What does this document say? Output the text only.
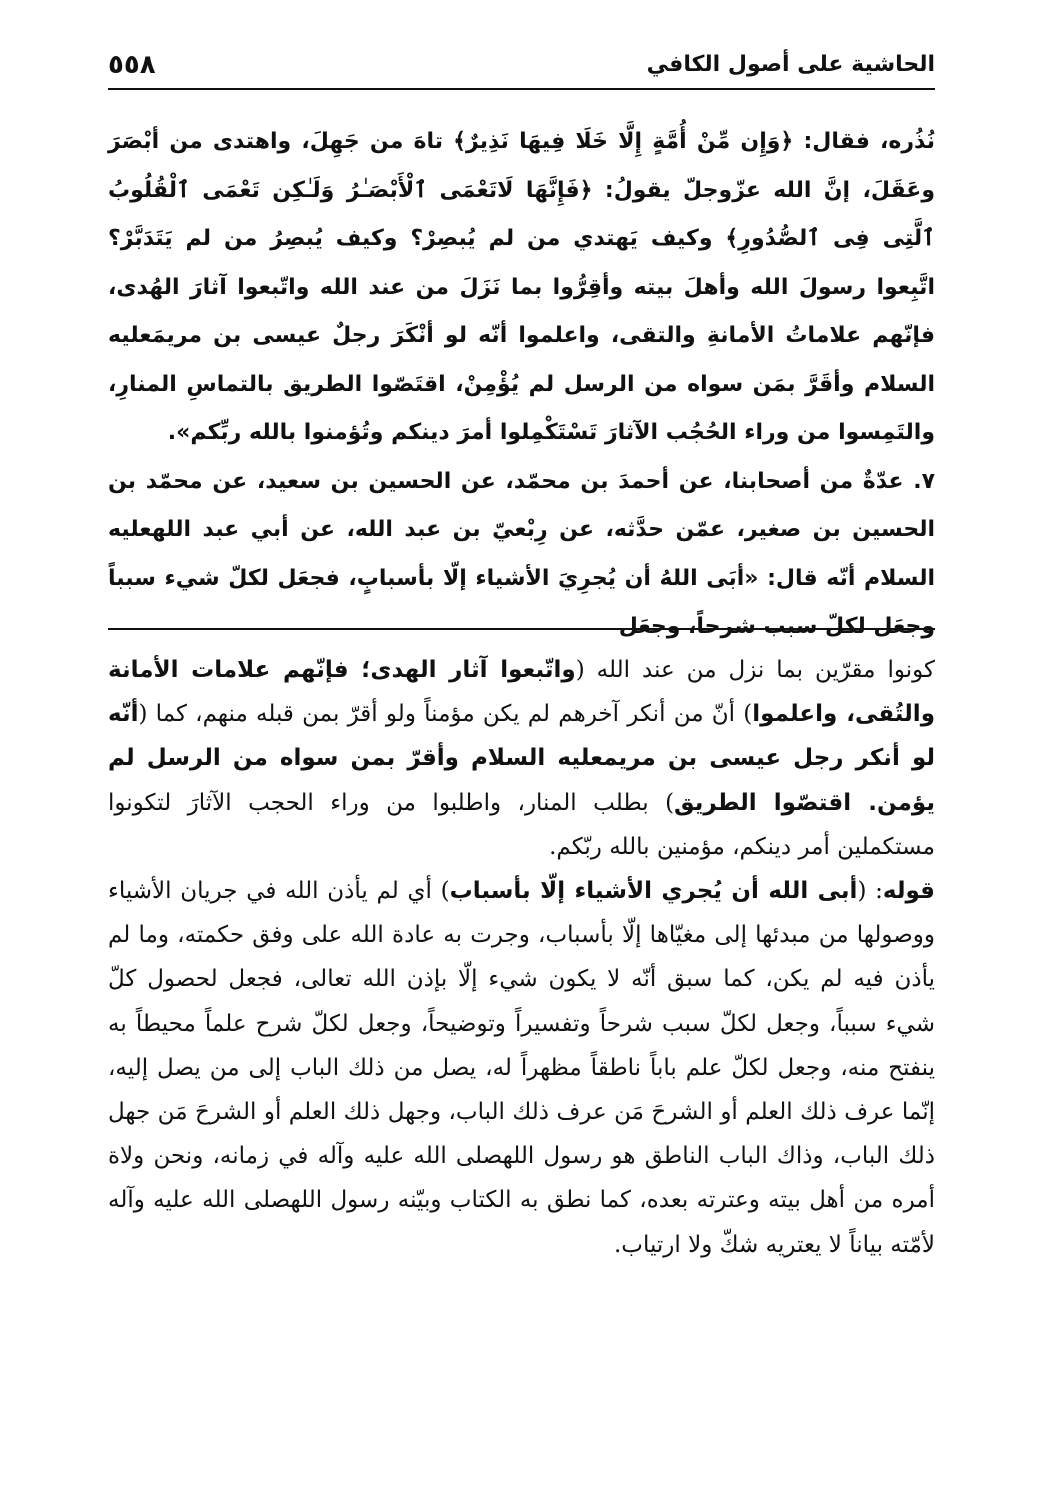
الحاشية على أصول الكافي
٥٥٨

نُذُره، فقال: ﴿وَإِن مِّنْ أُمَّةٍ إِلَّا خَلَا فِيهَا نَذِيرٌ﴾ تاهَ من جَهِلَ، واهتدى من أبْصَرَ وعَقَلَ، إنَّ الله عزّوجلّ يقولُ: ﴿فَإِنَّهَا لَاتَعْمَى ٱلْأَبْصَـٰرُ وَلَـٰكِن تَعْمَى ٱلْقُلُوبُ ٱلَّتِى فِى ٱلصُّدُورِ﴾ وكيف يَهتدي من لم يُبصِرْ؟ وكيف يُبصِرُ من لم يَتَدَبَّرْ؟ اتَّبِعوا رسولَ الله وأهلَ بيته وأقِرُّوا بما نَزَلَ من عند الله واتّبعوا آثارَ الهُدى، فإنّهم علاماتُ الأمانةِ والتقى، واعلموا أنّه لو أنْكَرَ رجلٌ عيسى بن مريمَ‏عليه السلام وأقَرَّ بمَن سواه من الرسل لم يُؤْمِنْ، اقتَصّوا الطريق بالتماسِ المنارِ، والتَمِسوا من وراء الحُجُب الآثارَ تَسْتَكْمِلوا أمرَ دينكم وتُؤمنوا بالله ربِّكم».

٧. عدّةٌ من أصحابنا، عن أحمدَ بن محمّد، عن الحسين بن سعيد، عن محمّد بن الحسين بن صغير، عمّن حدَّثه، عن رِبْعيّ بن عبد الله، عن أبي عبد الله‏عليه السلام أنّه قال: «أبَى اللهُ أن يُجرِيَ الأشياء إلّا بأسبابٍ، فجعَل لكلّ شيء سبباً وجعَل لكلّ سبب شرحاً، وجعَل

كونوا مقرّين بما نزل من عند الله (واتّبعوا آثار الهدى؛ فإنّهم علامات الأمانة والتُقى، واعلموا) أنّ من أنكر آخرهم لم يكن مؤمناً ولو أقرّ بمن قبله منهم، كما (أنّه لو أنكر رجل عيسى بن مريم‏عليه السلام وأقرّ بمن سواه من الرسل لم يؤمن. اقتصّوا الطريق) بطلب المنار، واطلبوا من وراء الحجب الآثارَ لتكونوا مستكملين أمر دينكم، مؤمنين بالله ربّكم.

قوله: (أبى الله أن يُجري الأشياء إلّا بأسباب) أي لم يأذن الله في جريان الأشياء ووصولها من مبدئها إلى مغيّاها إلّا بأسباب، وجرت به عادة الله على وفق حكمته، وما لم يأذن فيه لم يكن، كما سبق أنّه لا يكون شيء إلّا بإذن الله تعالى، فجعل لحصول كلّ شيء سبباً، وجعل لكلّ سبب شرحاً وتفسيراً وتوضيحاً، وجعل لكلّ شرح علماً محيطاً به ينفتح منه، وجعل لكلّ علم باباً ناطقاً مظهراً له، يصل من ذلك الباب إلى من يصل إليه، إنّما عرف ذلك العلم أو الشرحَ مَن عرف ذلك الباب، وجهل ذلك العلم أو الشرحَ مَن جهل ذلك الباب، وذاك الباب الناطق هو رسول الله‏صلى الله عليه وآله في زمانه، ونحن ولاة أمره من أهل بيته وعترته بعده، كما نطق به الكتاب وبيّنه رسول الله‏صلى الله عليه وآله لأمّته بياناً لا يعتريه شكّ ولا ارتياب.
